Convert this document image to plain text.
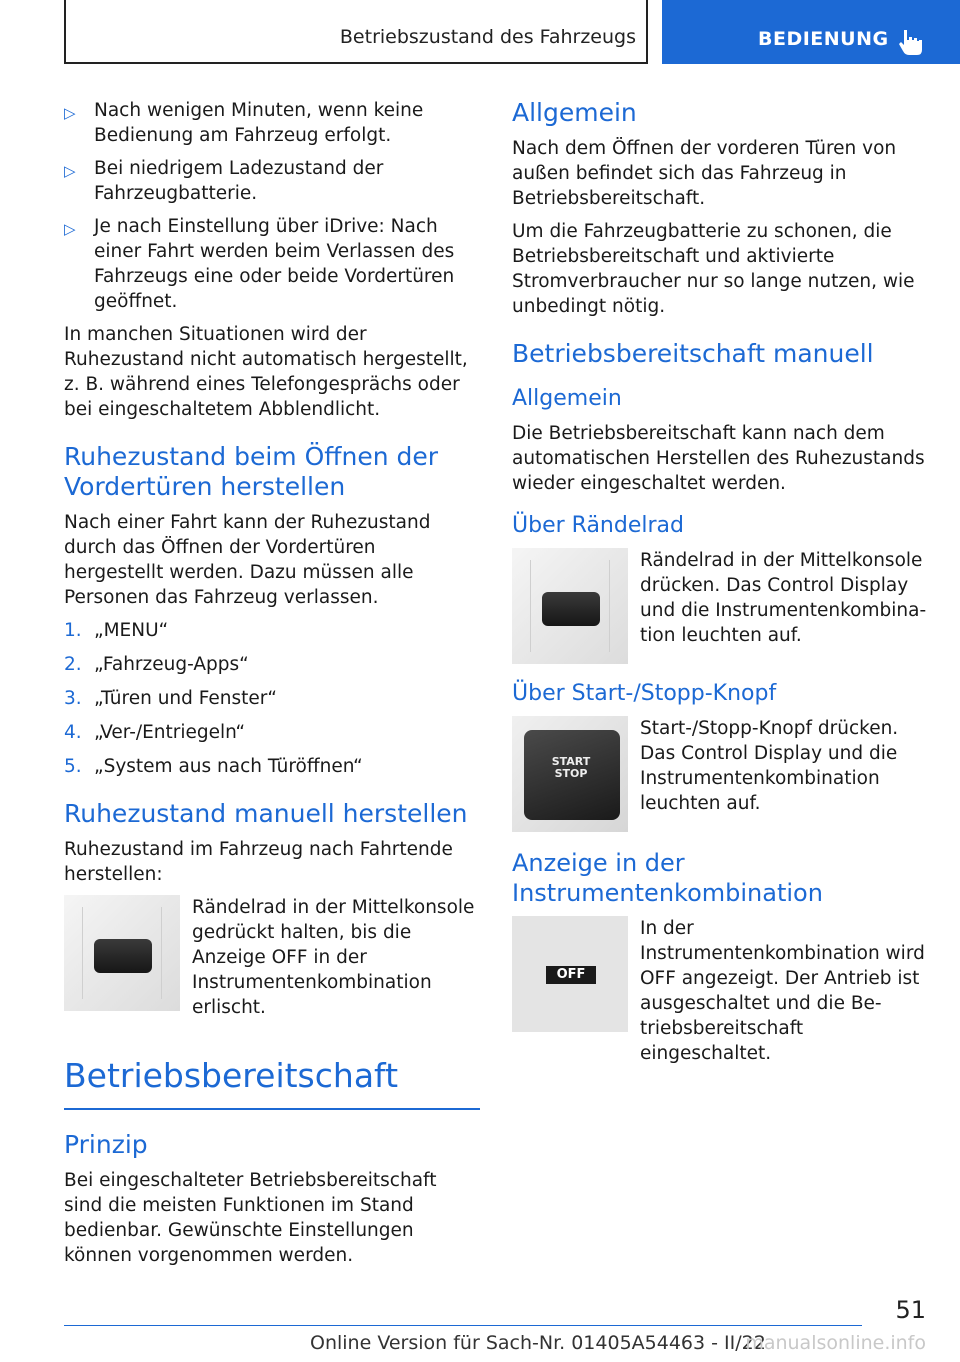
Betriebszustand des Fahrzeugs	BEDIENUNG
▷ Nach wenigen Minuten, wenn keine Bedienung am Fahrzeug erfolgt.
▷ Bei niedrigem Ladezustand der Fahrzeugbatterie.
▷ Je nach Einstellung über iDrive: Nach einer Fahrt werden beim Verlassen des Fahrzeugs eine oder beide Vordertüren geöffnet.

In manchen Situationen wird der Ruhezustand nicht automatisch hergestellt, z. B. während eines Telefongesprächs oder bei eingeschaltetem Abblendlicht.

Ruhezustand beim Öffnen der Vordertüren herstellen

Nach einer Fahrt kann der Ruhezustand durch das Öffnen der Vordertüren hergestellt werden. Dazu müssen alle Personen das Fahrzeug verlassen.

1. „MENU“
2. „Fahrzeug-Apps“
3. „Türen und Fenster“
4. „Ver-/Entriegeln“
5. „System aus nach Türöffnen“
Ruhezustand manuell herstellen

Ruhezustand im Fahrzeug nach Fahrtende herstellen:

Rändelrad in der Mittelkonsole gedrückt halten, bis die Anzeige OFF in der Instrumentenkombination erlischt.
Betriebsbereitschaft
Prinzip

Bei eingeschalteter Betriebsbereitschaft sind die meisten Funktionen im Stand bedienbar. Gewünschte Einstellungen können vorgenommen werden.

Allgemein

Nach dem Öffnen der vorderen Türen von außen befindet sich das Fahrzeug in Betriebsbereitschaft.

Um die Fahrzeugbatterie zu schonen, die Betriebsbereitschaft und aktivierte Stromverbraucher nur so lange nutzen, wie unbedingt nötig.

Betriebsbereitschaft manuell
Allgemein

Die Betriebsbereitschaft kann nach dem automatischen Herstellen des Ruhezustands wieder eingeschaltet werden.

Über Rändelrad
Rändelrad in der Mittelkonsole drücken. Das Control Display und die Instrumentenkombination leuchten auf.
Über Start-/Stopp-Knopf
START STOP
Start-/Stopp-Knopf drücken. Das Control Display und die Instrumentenkombination leuchten auf.
Anzeige in der Instrumentenkombination
OFF
In der Instrumentenkombination wird OFF angezeigt. Der Antrieb ist ausgeschaltet und die Betriebsbereitschaft eingeschaltet.
51
Online Version für Sach-Nr. 01405A54463 - II/22
manualsonline.info
